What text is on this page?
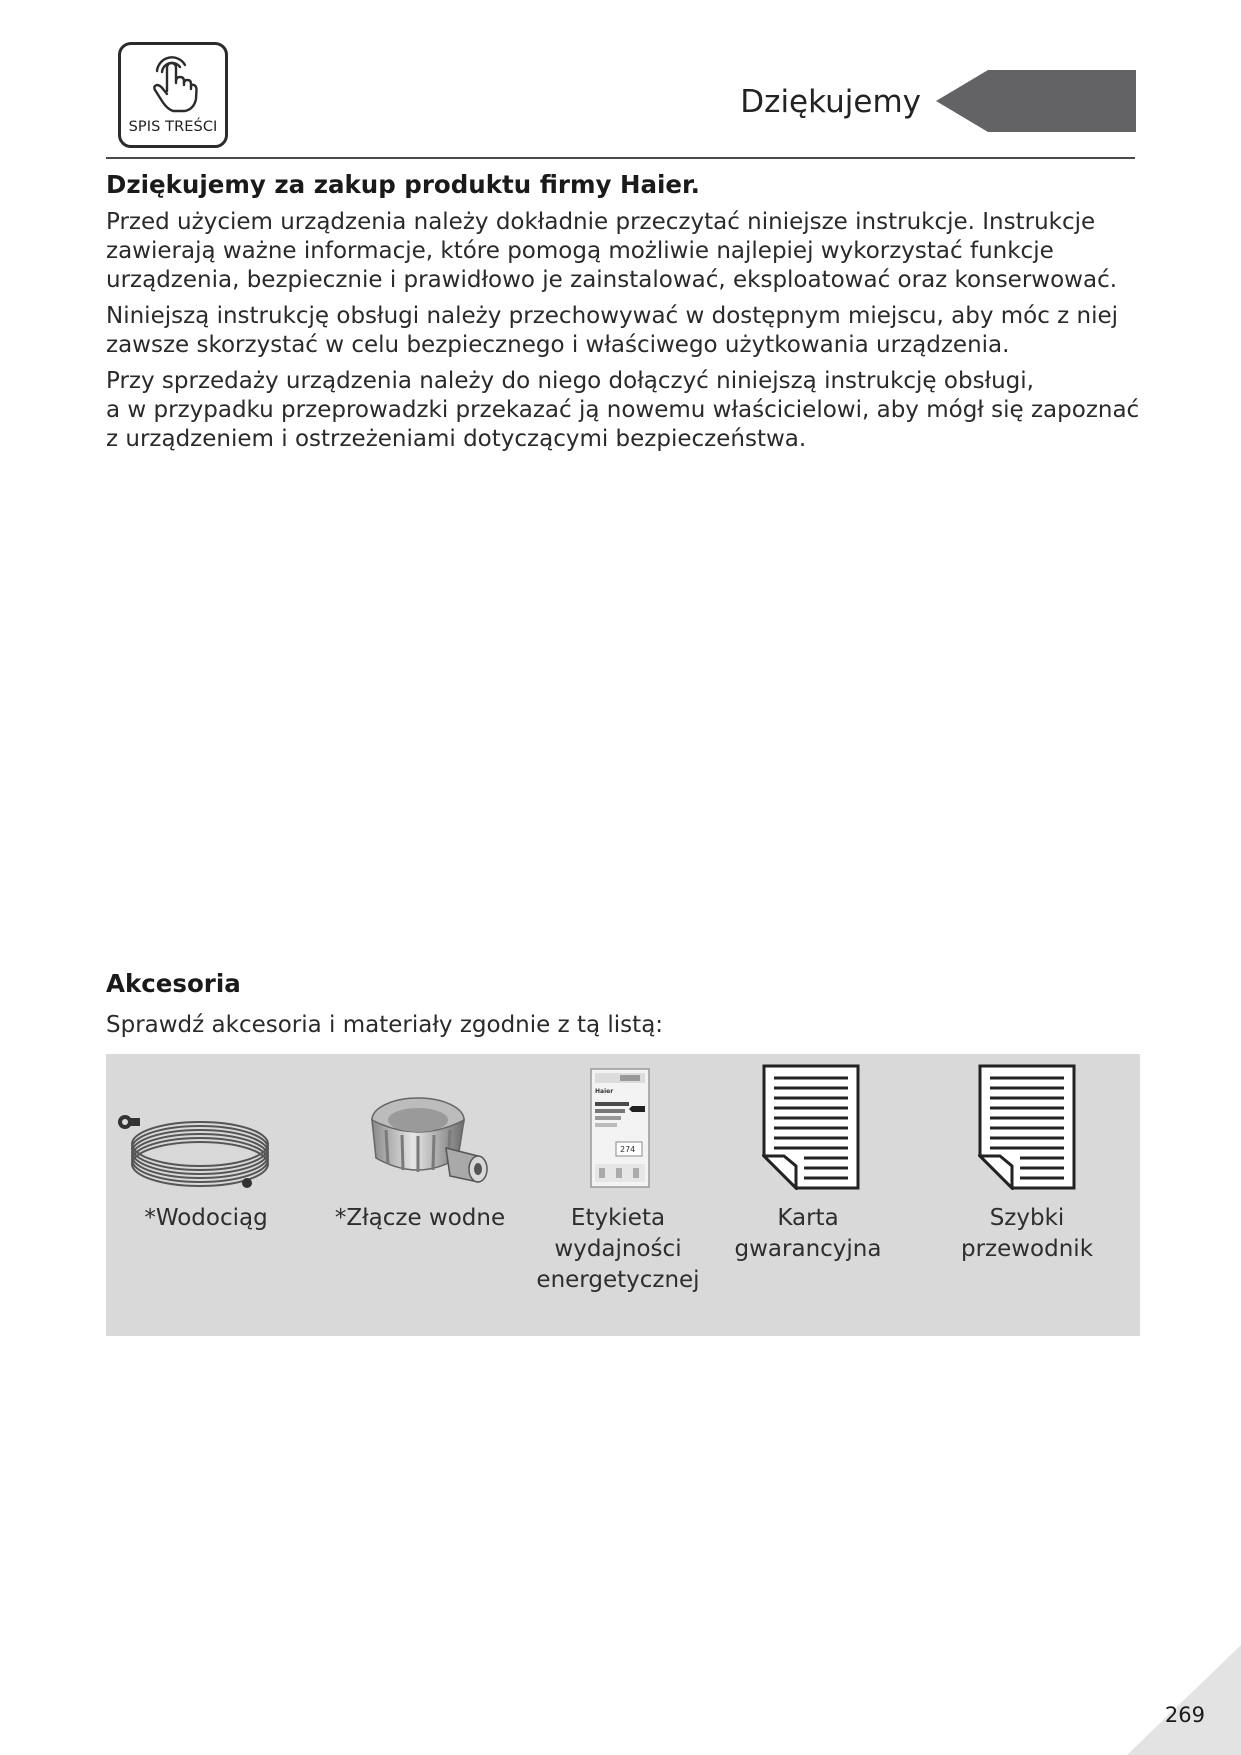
SPIS TREŚCI
Dziękujemy
Dziękujemy za zakup produktu firmy Haier.

Przed użyciem urządzenia należy dokładnie przeczytać niniejsze instrukcje. Instrukcje
zawierają ważne informacje, które pomogą możliwie najlepiej wykorzystać funkcje
urządzenia, bezpiecznie i prawidłowo je zainstalować, eksploatować oraz konserwować.

Niniejszą instrukcję obsługi należy przechowywać w dostępnym miejscu, aby móc z niej
zawsze skorzystać w celu bezpiecznego i właściwego użytkowania urządzenia.

Przy sprzedaży urządzenia należy do niego dołączyć niniejszą instrukcję obsługi,
a w przypadku przeprowadzki przekazać ją nowemu właścicielowi, aby mógł się zapoznać
z urządzeniem i ostrzeżeniami dotyczącymi bezpieczeństwa.

Akcesoria
Sprawdź akcesoria i materiały zgodnie z tą listą:
*Wodociąg	*Złącze wodne
Haier
274
Etykieta
wydajności
energetycznej
Karta gwarancyjna
Szybki
przewodnik
269
